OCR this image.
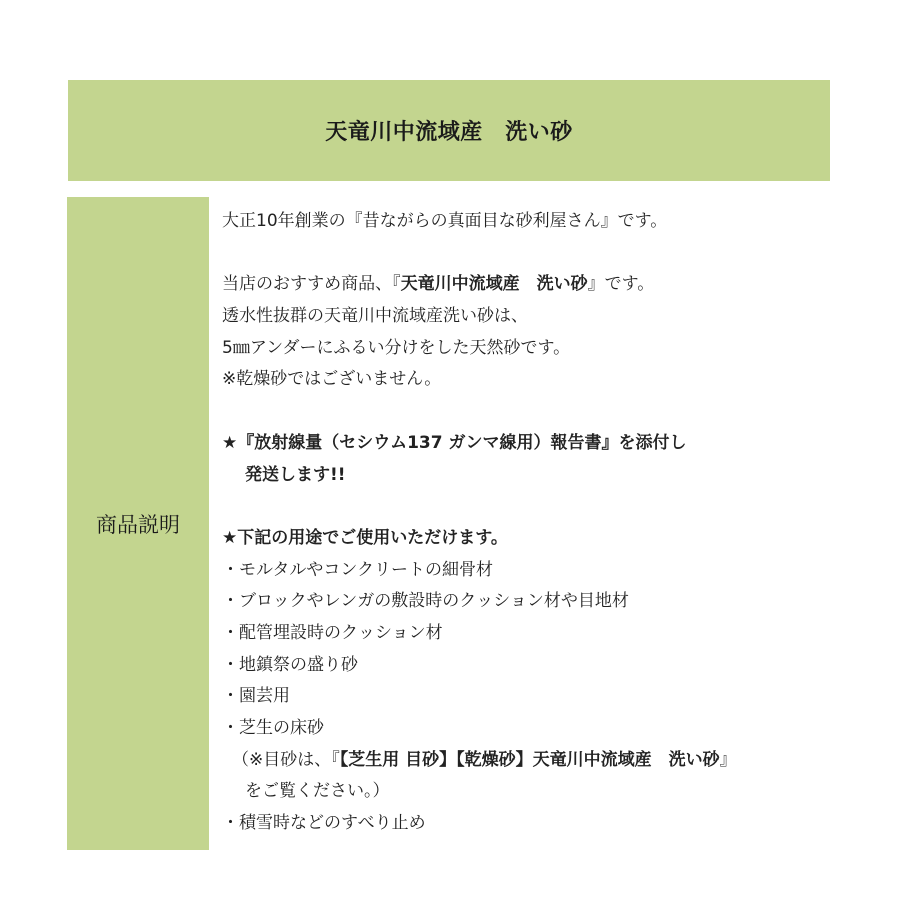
天竜川中流域産　洗い砂
商品説明
大正10年創業の『昔ながらの真面目な砂利屋さん』です。
当店のおすすめ商品、『天竜川中流域産　洗い砂』です。
透水性抜群の天竜川中流域産洗い砂は、
5㎜アンダーにふるい分けをした天然砂です。
※乾燥砂ではございません。
★『放射線量（セシウム137 ガンマ線用）報告書』を添付し
発送します!!
★下記の用途でご使用いただけます。
・モルタルやコンクリートの細骨材
・ブロックやレンガの敷設時のクッション材や目地材
・配管埋設時のクッション材
・地鎮祭の盛り砂
・園芸用
・芝生の床砂
（※目砂は、『【芝生用 目砂】【乾燥砂】天竜川中流域産　洗い砂』
をご覧ください。）
・積雪時などのすべり止め
